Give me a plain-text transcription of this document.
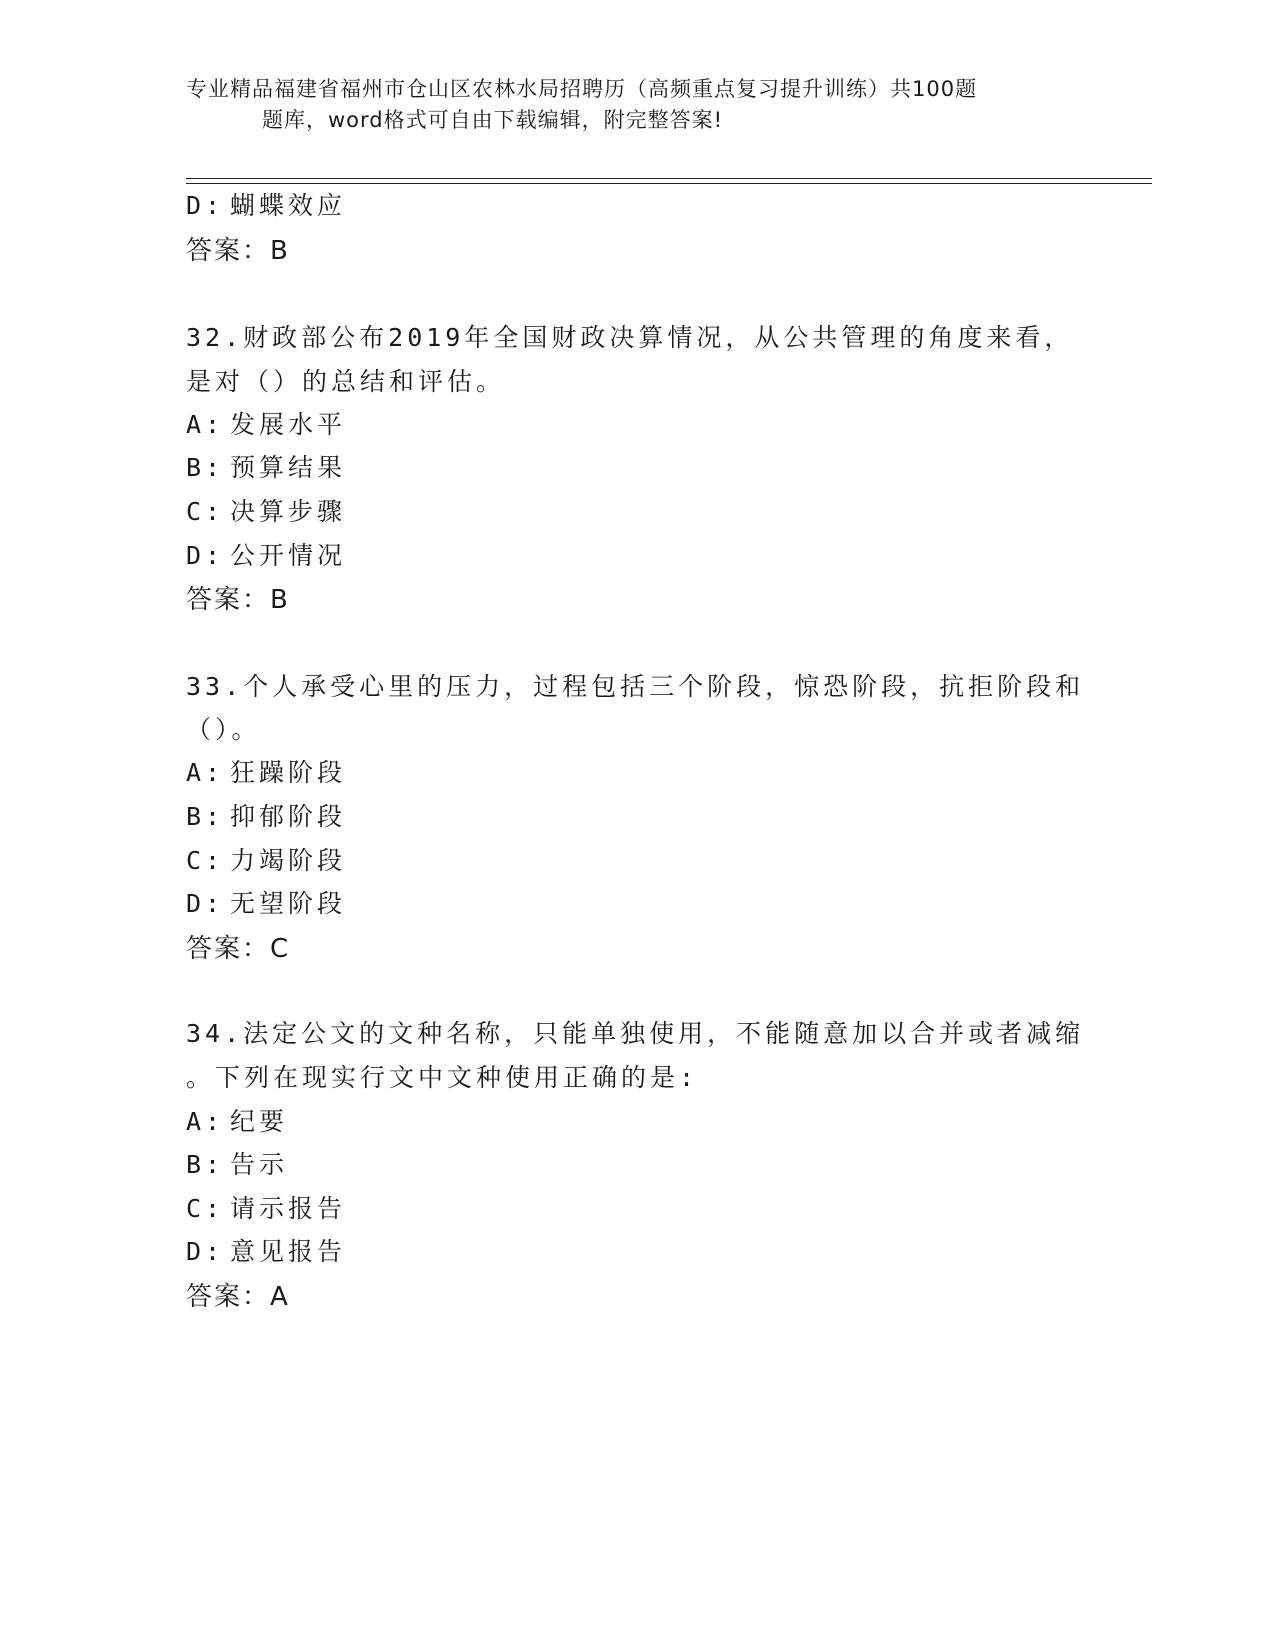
专业精品福建省福州市仓山区农林水局招聘历（高频重点复习提升训练）共100题
题库，word格式可自由下载编辑，附完整答案!
D: 蝴蝶效应
答案：B
32.财政部公布2019年全国财政决算情况，从公共管理的角度来看，
是对（）的总结和评估。
A: 发展水平
B: 预算结果
C: 决算步骤
D: 公开情况
答案：B
33.个人承受心里的压力，过程包括三个阶段，惊恐阶段，抗拒阶段和
（）。
A: 狂躁阶段
B: 抑郁阶段
C: 力竭阶段
D: 无望阶段
答案：C
34.法定公文的文种名称，只能单独使用，不能随意加以合并或者减缩
。下列在现实行文中文种使用正确的是:
A: 纪要
B: 告示
C: 请示报告
D: 意见报告
答案：A
